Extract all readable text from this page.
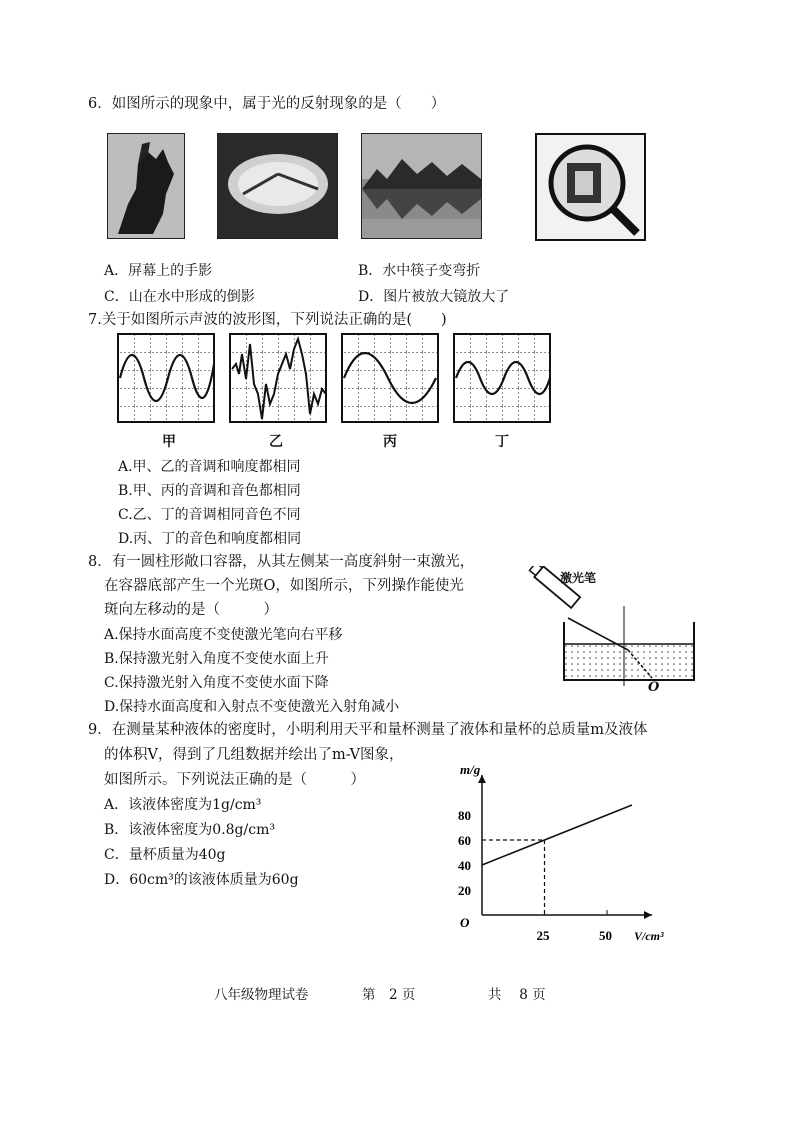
6．如图所示的现象中，属于光的反射现象的是（　　）
A．屏幕上的手影	B．水中筷子变弯折
C．山在水中形成的倒影	D．图片被放大镜放大了
7.关于如图所示声波的波形图，下列说法正确的是(　　)
甲	乙	丙	丁
A.甲、乙的音调和响度都相同
B.甲、丙的音调和音色都相同
C.乙、丁的音调相同音色不同
D.丙、丁的音色和响度都相同
8．有一圆柱形敞口容器，从其左侧某一高度斜射一束激光，
在容器底部产生一个光斑O，如图所示，下列操作能使光
斑向左移动的是（　　　）
A.保持水面高度不变使激光笔向右平移
B.保持激光射入角度不变使水面上升
C.保持激光射入角度不变使水面下降
D.保持水面高度和入射点不变使激光入射角减小
激光笔
O
9．在测量某种液体的密度时，小明利用天平和量杯测量了液体和量杯的总质量m及液体
的体积V，得到了几组数据并绘出了m-V图象，
如图所示。下列说法正确的是（　　　）
A．该液体密度为1g/cm³
B．该液体密度为0.8g/cm³
C．量杯质量为40g
D．60cm³的该液体质量为60g
20
40
60
80
25	50
O
m/g
V/cm³
八年级物理试卷	第　2 页	共　 8 页
